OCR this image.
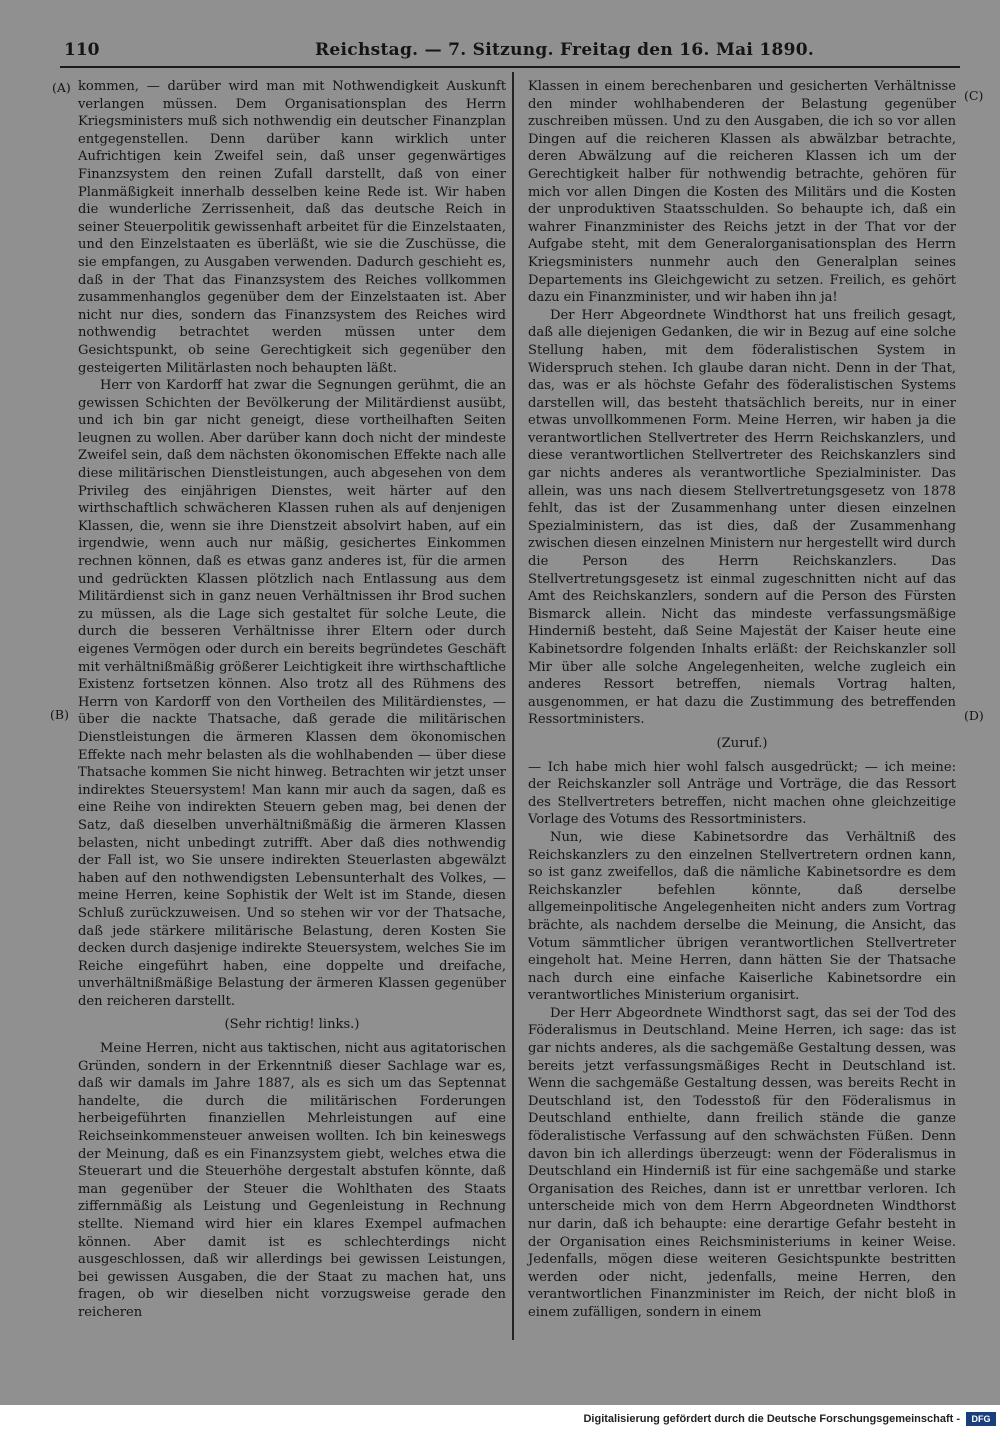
110	Reichstag. — 7. Sitzung. Freitag den 16. Mai 1890.
(A)
(B)
(C)
(D)

kommen, — darüber wird man mit Nothwendigkeit Auskunft verlangen müssen. Dem Organisationsplan des Herrn Kriegsministers muß sich nothwendig ein deutscher Finanzplan entgegenstellen. Denn darüber kann wirklich unter Aufrichtigen kein Zweifel sein, daß unser gegenwärtiges Finanzsystem den reinen Zufall darstellt, daß von einer Planmäßigkeit innerhalb desselben keine Rede ist. Wir haben die wunderliche Zerrissenheit, daß das deutsche Reich in seiner Steuerpolitik gewissenhaft arbeitet für die Einzelstaaten, und den Einzelstaaten es überläßt, wie sie die Zuschüsse, die sie empfangen, zu Ausgaben verwenden. Dadurch geschieht es, daß in der That das Finanzsystem des Reiches vollkommen zusammenhanglos gegenüber dem der Einzelstaaten ist. Aber nicht nur dies, sondern das Finanzsystem des Reiches wird nothwendig betrachtet werden müssen unter dem Gesichtspunkt, ob seine Gerechtigkeit sich gegenüber den gesteigerten Militärlasten noch behaupten läßt.

Herr von Kardorff hat zwar die Segnungen gerühmt, die an gewissen Schichten der Bevölkerung der Militärdienst ausübt, und ich bin gar nicht geneigt, diese vortheilhaften Seiten leugnen zu wollen. Aber darüber kann doch nicht der mindeste Zweifel sein, daß dem nächsten ökonomischen Effekte nach alle diese militärischen Dienstleistungen, auch abgesehen von dem Privileg des einjährigen Dienstes, weit härter auf den wirthschaftlich schwächeren Klassen ruhen als auf denjenigen Klassen, die, wenn sie ihre Dienstzeit absolvirt haben, auf ein irgendwie, wenn auch nur mäßig, gesichertes Einkommen rechnen können, daß es etwas ganz anderes ist, für die armen und gedrückten Klassen plötzlich nach Entlassung aus dem Militärdienst sich in ganz neuen Verhältnissen ihr Brod suchen zu müssen, als die Lage sich gestaltet für solche Leute, die durch die besseren Verhältnisse ihrer Eltern oder durch eigenes Vermögen oder durch ein bereits begründetes Geschäft mit verhältnißmäßig größerer Leichtigkeit ihre wirthschaftliche Existenz fortsetzen können. Also trotz all des Rühmens des Herrn von Kardorff von den Vortheilen des Militärdienstes, — über die nackte Thatsache, daß gerade die militärischen Dienstleistungen die ärmeren Klassen dem ökonomischen Effekte nach mehr belasten als die wohlhabenden — über diese Thatsache kommen Sie nicht hinweg. Betrachten wir jetzt unser indirektes Steuersystem! Man kann mir auch da sagen, daß es eine Reihe von indirekten Steuern geben mag, bei denen der Satz, daß dieselben unverhältnißmäßig die ärmeren Klassen belasten, nicht unbedingt zutrifft. Aber daß dies nothwendig der Fall ist, wo Sie unsere indirekten Steuerlasten abgewälzt haben auf den nothwendigsten Lebensunterhalt des Volkes, — meine Herren, keine Sophistik der Welt ist im Stande, diesen Schluß zurückzuweisen. Und so stehen wir vor der Thatsache, daß jede stärkere militärische Belastung, deren Kosten Sie decken durch dasjenige indirekte Steuersystem, welches Sie im Reiche eingeführt haben, eine doppelte und dreifache, unverhältnißmäßige Belastung der ärmeren Klassen gegenüber den reicheren darstellt.

(Sehr richtig! links.)

Meine Herren, nicht aus taktischen, nicht aus agitatorischen Gründen, sondern in der Erkenntniß dieser Sachlage war es, daß wir damals im Jahre 1887, als es sich um das Septennat handelte, die durch die militärischen Forderungen herbeigeführten finanziellen Mehrleistungen auf eine Reichseinkommensteuer anweisen wollten. Ich bin keineswegs der Meinung, daß es ein Finanzsystem giebt, welches etwa die Steuerart und die Steuerhöhe dergestalt abstufen könnte, daß man gegenüber der Steuer die Wohlthaten des Staats ziffernmäßig als Leistung und Gegenleistung in Rechnung stellte. Niemand wird hier ein klares Exempel aufmachen können. Aber damit ist es schlechterdings nicht ausgeschlossen, daß wir allerdings bei gewissen Leistungen, bei gewissen Ausgaben, die der Staat zu machen hat, uns fragen, ob wir dieselben nicht vorzugsweise gerade den reicheren

Klassen in einem berechenbaren und gesicherten Verhältnisse den minder wohlhabenderen der Belastung gegenüber zuschreiben müssen. Und zu den Ausgaben, die ich so vor allen Dingen auf die reicheren Klassen als abwälzbar betrachte, deren Abwälzung auf die reicheren Klassen ich um der Gerechtigkeit halber für nothwendig betrachte, gehören für mich vor allen Dingen die Kosten des Militärs und die Kosten der unproduktiven Staatsschulden. So behaupte ich, daß ein wahrer Finanzminister des Reichs jetzt in der That vor der Aufgabe steht, mit dem Generalorganisationsplan des Herrn Kriegsministers nunmehr auch den Generalplan seines Departements ins Gleichgewicht zu setzen. Freilich, es gehört dazu ein Finanzminister, und wir haben ihn ja!

Der Herr Abgeordnete Windthorst hat uns freilich gesagt, daß alle diejenigen Gedanken, die wir in Bezug auf eine solche Stellung haben, mit dem föderalistischen System in Widerspruch stehen. Ich glaube daran nicht. Denn in der That, das, was er als höchste Gefahr des föderalistischen Systems darstellen will, das besteht thatsächlich bereits, nur in einer etwas unvollkommenen Form. Meine Herren, wir haben ja die verantwortlichen Stellvertreter des Herrn Reichskanzlers, und diese verantwortlichen Stellvertreter des Reichskanzlers sind gar nichts anderes als verantwortliche Spezialminister. Das allein, was uns nach diesem Stellvertretungsgesetz von 1878 fehlt, das ist der Zusammenhang unter diesen einzelnen Spezialministern, das ist dies, daß der Zusammenhang zwischen diesen einzelnen Ministern nur hergestellt wird durch die Person des Herrn Reichskanzlers. Das Stellvertretungsgesetz ist einmal zugeschnitten nicht auf das Amt des Reichskanzlers, sondern auf die Person des Fürsten Bismarck allein. Nicht das mindeste verfassungsmäßige Hinderniß besteht, daß Seine Majestät der Kaiser heute eine Kabinetsordre folgenden Inhalts erläßt: der Reichskanzler soll Mir über alle solche Angelegenheiten, welche zugleich ein anderes Ressort betreffen, niemals Vortrag halten, ausgenommen, er hat dazu die Zustimmung des betreffenden Ressortministers.

(Zuruf.)

— Ich habe mich hier wohl falsch ausgedrückt; — ich meine: der Reichskanzler soll Anträge und Vorträge, die das Ressort des Stellvertreters betreffen, nicht machen ohne gleichzeitige Vorlage des Votums des Ressortministers.

Nun, wie diese Kabinetsordre das Verhältniß des Reichskanzlers zu den einzelnen Stellvertretern ordnen kann, so ist ganz zweifellos, daß die nämliche Kabinetsordre es dem Reichskanzler befehlen könnte, daß derselbe allgemeinpolitische Angelegenheiten nicht anders zum Vortrag brächte, als nachdem derselbe die Meinung, die Ansicht, das Votum sämmtlicher übrigen verantwortlichen Stellvertreter eingeholt hat. Meine Herren, dann hätten Sie der Thatsache nach durch eine einfache Kaiserliche Kabinetsordre ein verantwortliches Ministerium organisirt.

Der Herr Abgeordnete Windthorst sagt, das sei der Tod des Föderalismus in Deutschland. Meine Herren, ich sage: das ist gar nichts anderes, als die sachgemäße Gestaltung dessen, was bereits jetzt verfassungsmäßiges Recht in Deutschland ist. Wenn die sachgemäße Gestaltung dessen, was bereits Recht in Deutschland ist, den Todesstoß für den Föderalismus in Deutschland enthielte, dann freilich stände die ganze föderalistische Verfassung auf den schwächsten Füßen. Denn davon bin ich allerdings überzeugt: wenn der Föderalismus in Deutschland ein Hinderniß ist für eine sachgemäße und starke Organisation des Reiches, dann ist er unrettbar verloren. Ich unterscheide mich von dem Herrn Abgeordneten Windthorst nur darin, daß ich behaupte: eine derartige Gefahr besteht in der Organisation eines Reichsministeriums in keiner Weise. Jedenfalls, mögen diese weiteren Gesichtspunkte bestritten werden oder nicht, jedenfalls, meine Herren, den verantwortlichen Finanzminister im Reich, der nicht bloß in einem zufälligen, sondern in einem

Digitalisierung gefördert durch die Deutsche Forschungsgemeinschaft -	DFG
